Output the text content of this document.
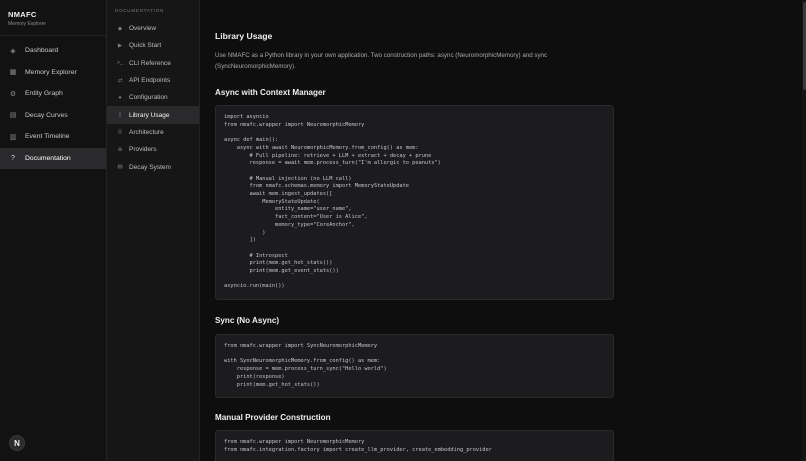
NMAFC
Memory Explorer
◈ Dashboard
▦ Memory Explorer
⚙ Entity Graph
▤ Decay Curves
▥ Event Timeline
?	Documentation
N
DOCUMENTATION
◆ Overview
▶ Quick Start
>_ CLI Reference
⇄ API Endpoints
●	Configuration
▯	Library Usage
◎ Architecture
⊕ Providers
▤ Decay System
Library Usage

Use NMAFC as a Python library in your own application. Two construction paths: async (NeuromorphicMemory) and sync (SyncNeuromorphicMemory).

Async with Context Manager
import asyncio
from nmafc.wrapper import NeuromorphicMemory

async def main():
async with await NeuromorphicMemory.from_config() as mem:
# Full pipeline: retrieve + LLM + extract + decay + prune
response = await mem.process_turn("I'm allergic to peanuts")

# Manual injection (no LLM call)
from nmafc.schemas.memory import MemoryStateUpdate
await mem.ingest_updates([
MemoryStateUpdate(
entity_name="user_name",
fact_content="User is Alice",
memory_type="CoreAnchor",
)
])

# Introspect
print(mem.get_hot_stats())
print(mem.get_event_stats())

asyncio.run(main())
Sync (No Async)
from nmafc.wrapper import SyncNeuromorphicMemory

with SyncNeuromorphicMemory.from_config() as mem:
response = mem.process_turn_sync("Hello world")
print(response)
print(mem.get_hot_stats())
Manual Provider Construction
from nmafc.wrapper import NeuromorphicMemory
from nmafc.integration.factory import create_llm_provider, create_embedding_provider
